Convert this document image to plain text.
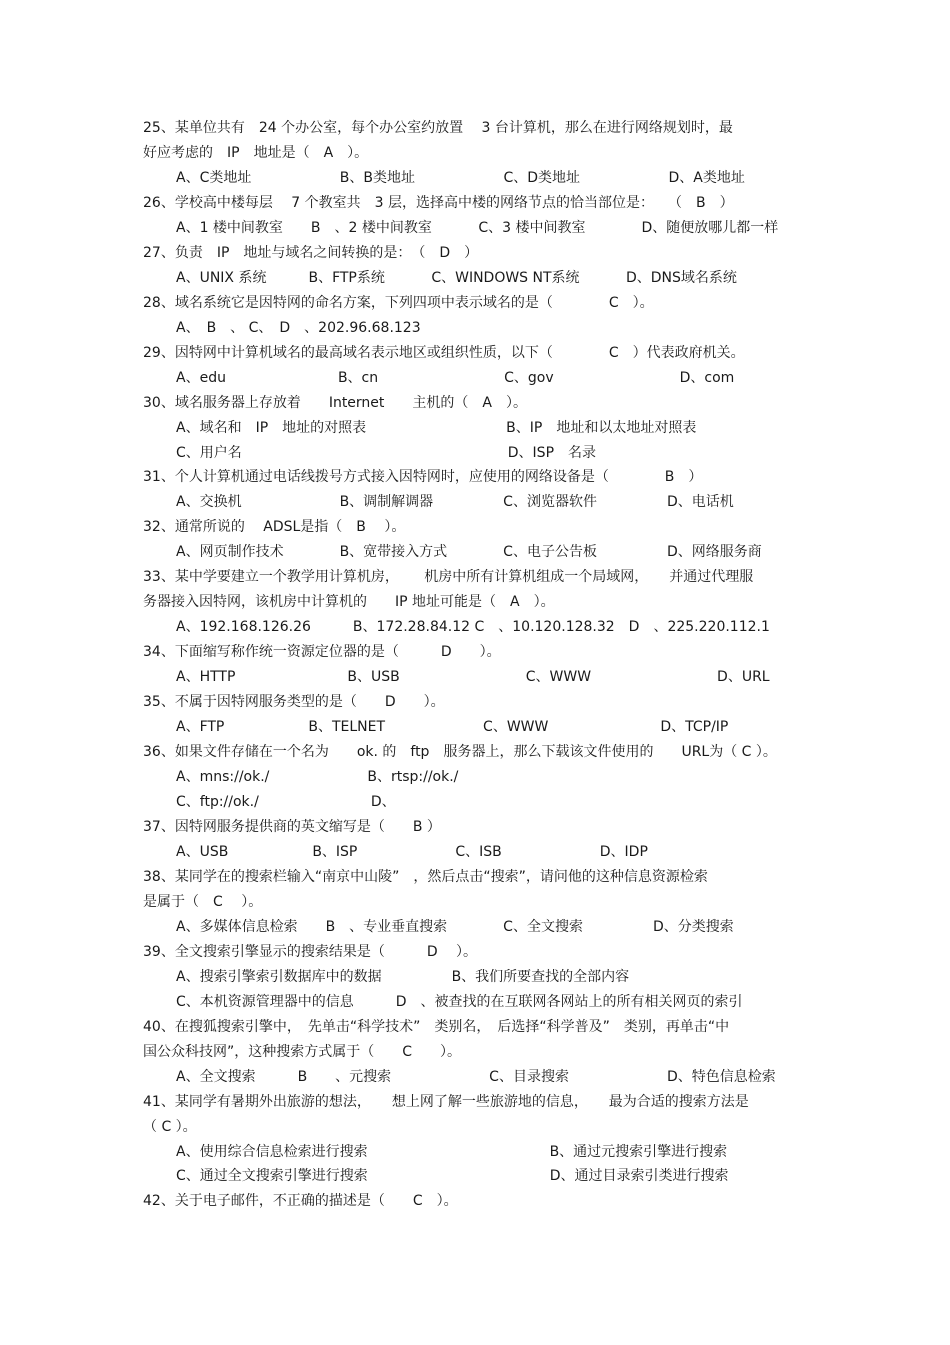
25、某单位共有　24 个办公室，每个办公室约放置　 3 台计算机，那么在进行网络规划时，最
好应考虑的　IP　地址是（　A　）。
A、C类地址　　　　　　 B、B类地址　　　　　　 C、D类地址　　　　　　 D、A类地址
26、学校高中楼每层　 7 个教室共　3 层，选择高中楼的网络节点的恰当部位是：　　（　B　）
A、1 楼中间教室　　B　、2 楼中间教室　　　 C、3 楼中间教室　　　　D、随便放哪儿都一样
27、负责　IP　地址与域名之间转换的是：　（　D　）
A、UNIX 系统　　　B、FTP系统　　　 C、WINDOWS NT系统　　　 D、DNS域名系统
28、域名系统它是因特网的命名方案，下列四项中表示域名的是（　　　　C　）。
A、　B　、 C、　D　、202.96.68.123
29、因特网中计算机域名的最高域名表示地区或组织性质，以下（　　　　C　）代表政府机关。
A、edu　　　　　　　　B、cn　　　　　　　　　C、gov　　　　　　　　　D、com
30、域名服务器上存放着　　Internet　　主机的（　A　）。
A、域名和　IP　地址的对照表　　　　　　　　　　B、IP　地址和以太地址对照表
C、用户名　　　　　　　　　　　　　　　　　　　D、ISP　名录
31、个人计算机通过电话线拨号方式接入因特网时，应使用的网络设备是（　　　　B　）
A、交换机　　　　　　　B、调制解调器　　　　　C、浏览器软件　　　　　D、电话机
32、通常所说的　 ADSL是指（　B　 ）。
A、网页制作技术　　　　B、宽带接入方式　　　　C、电子公告板　　　　　D、网络服务商
33、某中学要建立一个教学用计算机房，　　 机房中所有计算机组成一个局域网，　　并通过代理服
务器接入因特网，该机房中计算机的　　IP 地址可能是（　A　）。
A、192.168.126.26　　　B、172.28.84.12 C　、10.120.128.32　D　、225.220.112.1
34、下面缩写称作统一资源定位器的是（　　　D　　）。
A、HTTP　　　　　　　　B、USB　　　　　　　　　C、WWW　　　　　　　　　D、URL
35、不属于因特网服务类型的是（　　D　　）。
A、FTP　　　　　　B、TELNET　　　　　　　C、WWW　　　　　　　　D、TCP/IP
36、如果文件存储在一个名为　　ok. 的　ftp　服务器上，那么下载该文件使用的　　URL为（ C ）。
A、mns://ok./　　　　　　　B、rtsp://ok./
C、ftp://ok./　　　　　　　　D、
37、因特网服务提供商的英文缩写是（　　B ）
A、USB　　　　　　B、ISP　　　　　　　C、ISB　　　　　　　D、IDP
38、某同学在的搜索栏输入“南京中山陵”　，然后点击“搜索”，请问他的这种信息资源检索
是属于（　C　 ）。
A、多媒体信息检索　　B　、专业垂直搜索　　　　C、全文搜索　　　　　D、分类搜索
39、全文搜索引擎显示的搜索结果是（　　　D　 ）。
A、搜索引擎索引数据库中的数据　　　　　B、我们所要查找的全部内容
C、本机资源管理器中的信息　　　D　、被查找的在互联网各网站上的所有相关网页的索引
40、在搜狐搜索引擎中，　先单击“科学技术”　类别名，　后选择“科学普及”　类别，再单击“中
国公众科技网”，这种搜索方式属于（　　C　　）。
A、全文搜索　　　B　　、元搜索　　　　　　　C、目录搜索　　　　　　　D、特色信息检索
41、某同学有暑期外出旅游的想法，　　想上网了解一些旅游地的信息，　　最为合适的搜索方法是
（ C ）。
A、使用综合信息检索进行搜索　　　　　　　　　　　　　B、通过元搜索引擎进行搜索
C、通过全文搜索引擎进行搜索　　　　　　　　　　　　　D、通过目录索引类进行搜索
42、关于电子邮件，不正确的描述是（　　C　）。
